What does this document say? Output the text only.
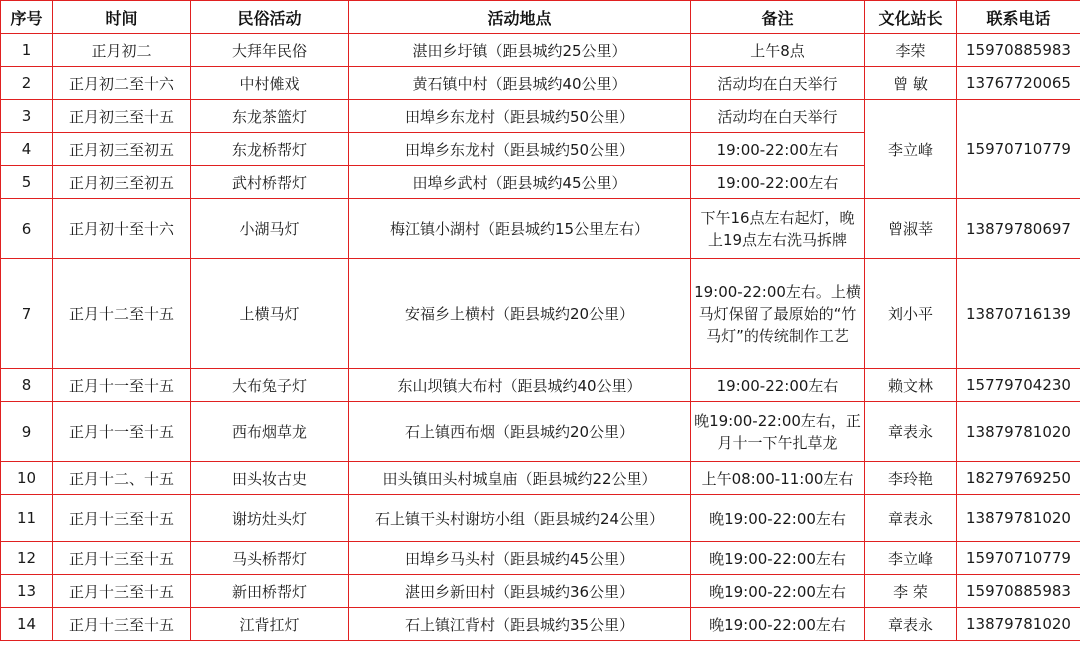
序号	时间	民俗活动	活动地点	备注	文化站长	联系电话
1	正月初二	大拜年民俗	湛田乡圩镇（距县城约25公里）	上午8点	李荣	15970885983
2	正月初二至十六	中村傩戏	黄石镇中村（距县城约40公里）	活动均在白天举行	曾 敏	13767720065
3	正月初三至十五	东龙茶篮灯	田埠乡东龙村（距县城约50公里）	活动均在白天举行	李立峰	15970710779
4	正月初三至初五	东龙桥帮灯	田埠乡东龙村（距县城约50公里）	19:00-22:00左右		
5	正月初三至初五	武村桥帮灯	田埠乡武村（距县城约45公里）	19:00-22:00左右		
6	正月初十至十六	小湖马灯	梅江镇小湖村（距县城约15公里左右）	下午16点左右起灯，晚上19点左右洗马拆牌	曾淑莘	13879780697
7	正月十二至十五	上横马灯	安福乡上横村（距县城约20公里）	19:00-22:00左右。上横马灯保留了最原始的“竹马灯”的传统制作工艺	刘小平	13870716139
8	正月十一至十五	大布兔子灯	东山坝镇大布村（距县城约40公里）	19:00-22:00左右	赖文林	15779704230
9	正月十一至十五	西布烟草龙	石上镇西布烟（距县城约20公里）	晚19:00-22:00左右，正月十一下午扎草龙	章表永	13879781020
10	正月十二、十五	田头妆古史	田头镇田头村城皇庙（距县城约22公里）	上午08:00-11:00左右	李玲艳	18279769250
11	正月十三至十五	谢坊灶头灯	石上镇干头村谢坊小组（距县城约24公里）	晚19:00-22:00左右	章表永	13879781020
12	正月十三至十五	马头桥帮灯	田埠乡马头村（距县城约45公里）	晚19:00-22:00左右	李立峰	15970710779
13	正月十三至十五	新田桥帮灯	湛田乡新田村（距县城约36公里）	晚19:00-22:00左右	李 荣	15970885983
14	正月十三至十五	江背扛灯	石上镇江背村（距县城约35公里）	晚19:00-22:00左右	章表永	13879781020
